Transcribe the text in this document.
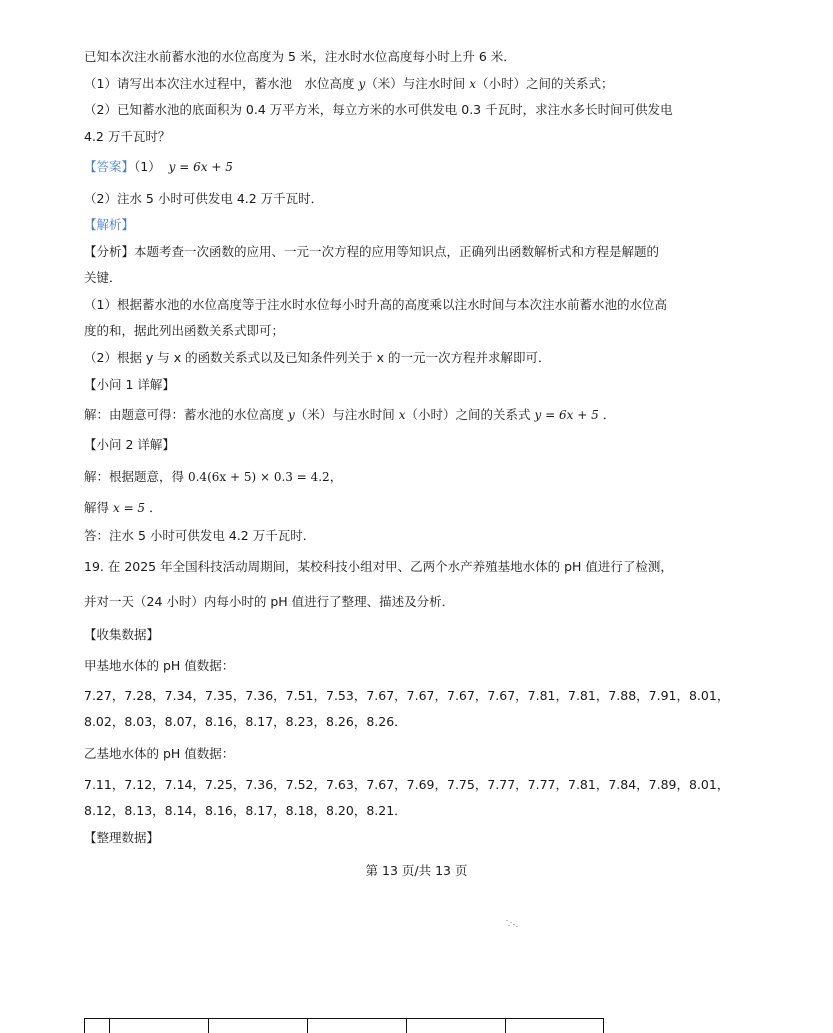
已知本次注水前蓄水池的水位高度为 5 米，注水时水位高度每小时上升 6 米．
（1）请写出本次注水过程中，蓄水池　水位高度 y（米）与注水时间 x（小时）之间的关系式；
（2）已知蓄水池的底面积为 0.4 万平方米，每立方米的水可供发电 0.3 千瓦时，求注水多长时间可供发电
4.2 万千瓦时？
【答案】（1） y = 6x + 5
（2）注水 5 小时可供发电 4.2 万千瓦时．
【解析】
【分析】本题考查一次函数的应用、一元一次方程的应用等知识点，正确列出函数解析式和方程是解题的
关键．
（1）根据蓄水池的水位高度等于注水时水位每小时升高的高度乘以注水时间与本次注水前蓄水池的水位高
度的和，据此列出函数关系式即可；
（2）根据 y 与 x 的函数关系式以及已知条件列关于 x 的一元一次方程并求解即可．
【小问 1 详解】
解：由题意可得：蓄水池的水位高度 y（米）与注水时间 x（小时）之间的关系式 y = 6x + 5 ．
【小问 2 详解】
解：根据题意，得 0.4(6x + 5) × 0.3 = 4.2，
解得 x = 5 ．
答：注水 5 小时可供发电 4.2 万千瓦时．
19. 在 2025 年全国科技活动周期间，某校科技小组对甲、乙两个水产养殖基地水体的 pH 值进行了检测，
并对一天（24 小时）内每小时的 pH 值进行了整理、描述及分析．
【收集数据】
甲基地水体的 pH 值数据：
7.27，7.28，7.34，7.35，7.36，7.51，7.53，7.67，7.67，7.67，7.67，7.81，7.81，7.88，7.91，8.01，
8.02，8.03，8.07，8.16，8.17，8.23，8.26，8.26．
乙基地水体的 pH 值数据：
7.11，7.12，7.14，7.25，7.36，7.52，7.63，7.67，7.69，7.75，7.77，7.77，7.81，7.84，7.89，8.01，
8.12，8.13，8.14，8.16，8.17，8.18，8.20，8.21．
【整理数据】
第 13 页/共 13 页
